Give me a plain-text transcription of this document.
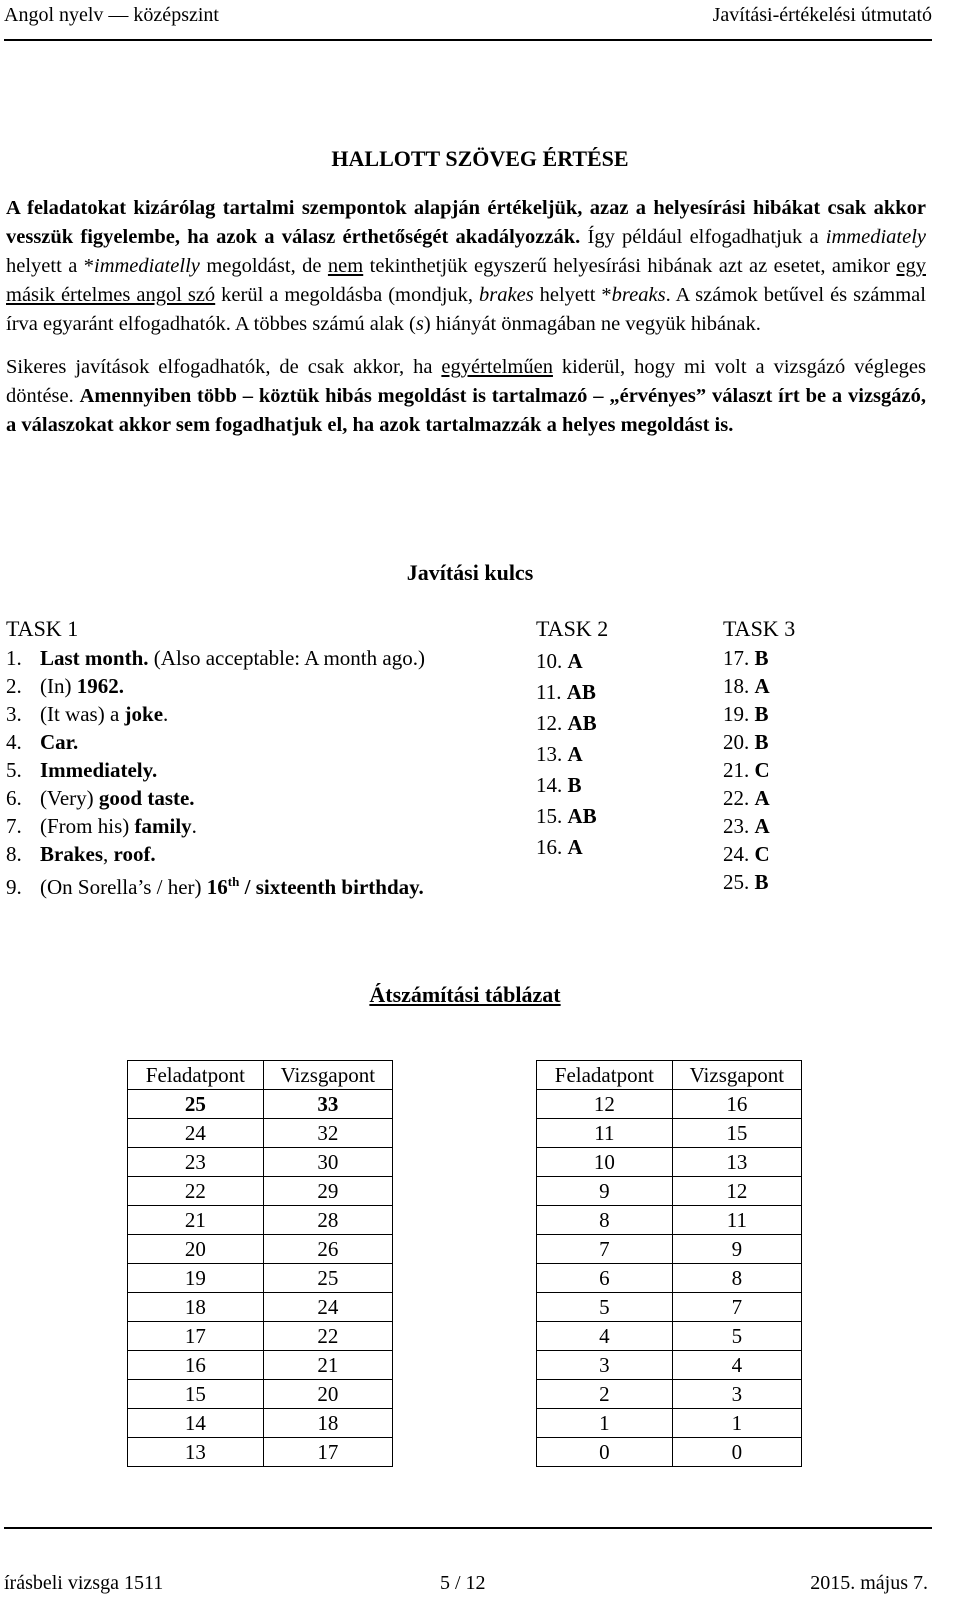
Angol nyelv — középszint	Javítási-értékelési útmutató
HALLOTT SZÖVEG ÉRTÉSE

A feladatokat kizárólag tartalmi szempontok alapján értékeljük, azaz a helyesírási hibákat csak akkor vesszük figyelembe, ha azok a válasz érthetőségét akadályozzák. Így például elfogadhatjuk a immediately helyett a *immediatelly megoldást, de nem tekinthetjük egyszerű helyesírási hibának azt az esetet, amikor egy másik értelmes angol szó kerül a megoldásba (mondjuk, brakes helyett *breaks. A számok betűvel és számmal írva egyaránt elfogadhatók. A többes számú alak (s) hiányát önmagában ne vegyük hibának.

Sikeres javítások elfogadhatók, de csak akkor, ha egyértelműen kiderül, hogy mi volt a vizsgázó végleges döntése. Amennyiben több – köztük hibás megoldást is tartalmazó – „érvényes” választ írt be a vizsgázó, a válaszokat akkor sem fogadhatjuk el, ha azok tartalmazzák a helyes megoldást is.

Javítási kulcs
TASK 1
1. Last month. (Also acceptable: A month ago.)
2. (In) 1962.
3. (It was) a joke.
4. Car.
5. Immediately.
6. (Very) good taste.
7. (From his) family.
8. Brakes, roof.
9. (On Sorella’s / her) 16th / sixteenth birthday.
TASK 2
10. A
11. AB
12. AB
13. A
14. B
15. AB
16. A
TASK 3
17. B
18. A
19. B
20. B
21. C
22. A
23. A
24. C
25. B
Átszámítási táblázat
Feladatpont	Vizsgapont
25	33
24	32
23	30
22	29
21	28
20	26
19	25
18	24
17	22
16	21
15	20
14	18
13	17
Feladatpont	Vizsgapont
12	16
11	15
10	13
9	12
8	11
7	9
6	8
5	7
4	5
3	4
2	3
1	1
0	0
írásbeli vizsga 1511	5 / 12	2015. május 7.
